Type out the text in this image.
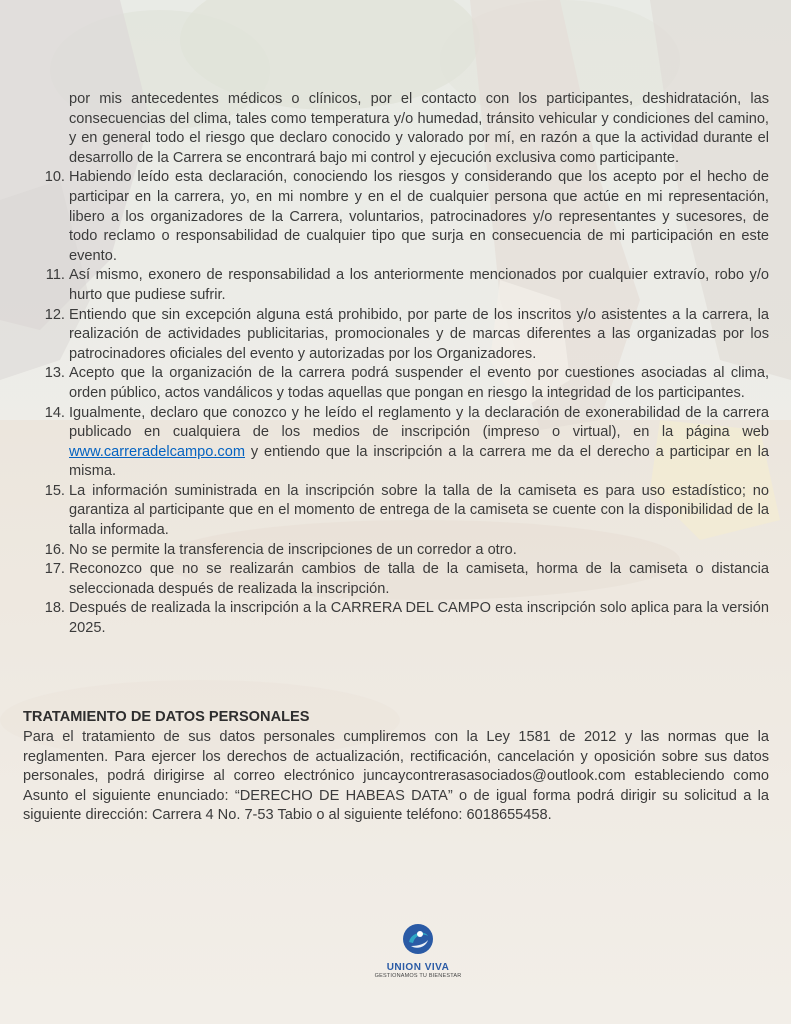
por mis antecedentes médicos o clínicos, por el contacto con los participantes, deshidratación, las consecuencias del clima, tales como temperatura y/o humedad, tránsito vehicular y condiciones del camino, y en general todo el riesgo que declaro conocido y valorado por mí, en razón a que la actividad durante el desarrollo de la Carrera se encontrará bajo mi control y ejecución exclusiva como participante.
10. Habiendo leído esta declaración, conociendo los riesgos y considerando que los acepto por el hecho de participar en la carrera, yo, en mi nombre y en el de cualquier persona que actúe en mi representación, libero a los organizadores de la Carrera, voluntarios, patrocinadores y/o representantes y sucesores, de todo reclamo o responsabilidad de cualquier tipo que surja en consecuencia de mi participación en este evento.
11. Así mismo, exonero de responsabilidad a los anteriormente mencionados por cualquier extravío, robo y/o hurto que pudiese sufrir.
12. Entiendo que sin excepción alguna está prohibido, por parte de los inscritos y/o asistentes a la carrera, la realización de actividades publicitarias, promocionales y de marcas diferentes a las organizadas por los patrocinadores oficiales del evento y autorizadas por los Organizadores.
13. Acepto que la organización de la carrera podrá suspender el evento por cuestiones asociadas al clima, orden público, actos vandálicos y todas aquellas que pongan en riesgo la integridad de los participantes.
14. Igualmente, declaro que conozco y he leído el reglamento y la declaración de exonerabilidad de la carrera publicado en cualquiera de los medios de inscripción (impreso o virtual), en la página web www.carreradelcampo.com y entiendo que la inscripción a la carrera me da el derecho a participar en la misma.
15. La información suministrada en la inscripción sobre la talla de la camiseta es para uso estadístico; no garantiza al participante que en el momento de entrega de la camiseta se cuente con la disponibilidad de la talla informada.
16. No se permite la transferencia de inscripciones de un corredor a otro.
17. Reconozco que no se realizarán cambios de talla de la camiseta, horma de la camiseta o distancia seleccionada después de realizada la inscripción.
18. Después de realizada la inscripción a la CARRERA DEL CAMPO esta inscripción solo aplica para la versión 2025.
TRATAMIENTO DE DATOS PERSONALES

Para el tratamiento de sus datos personales cumpliremos con la Ley 1581 de 2012 y las normas que la reglamenten. Para ejercer los derechos de actualización, rectificación, cancelación y oposición sobre sus datos personales, podrá dirigirse al correo electrónico juncaycontrerasasociados@outlook.com estableciendo como Asunto el siguiente enunciado: “DERECHO DE HABEAS DATA” o de igual forma podrá dirigir su solicitud a la siguiente dirección: Carrera 4 No. 7-53 Tabio o al siguiente teléfono: 6018655458.

UNION VIVA
GESTIONAMOS TU BIENESTAR
